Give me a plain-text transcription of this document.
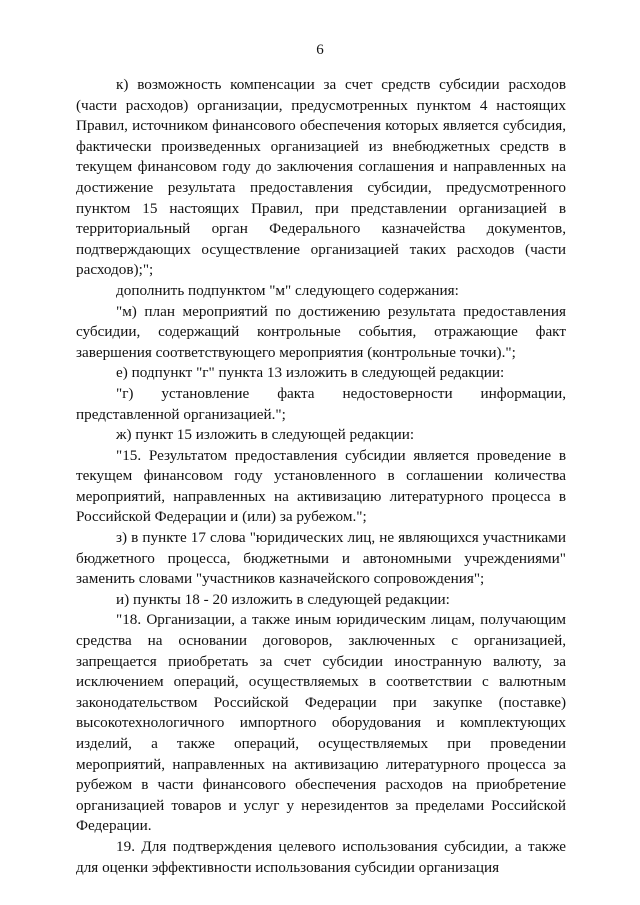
6

к) возможность компенсации за счет средств субсидии расходов (части расходов) организации, предусмотренных пунктом 4 настоящих Правил, источником финансового обеспечения которых является субсидия, фактически произведенных организацией из внебюджетных средств в текущем финансовом году до заключения соглашения и направленных на достижение результата предоставления субсидии, предусмотренного пунктом 15 настоящих Правил, при представлении организацией в территориальный орган Федерального казначейства документов, подтверждающих осуществление организацией таких расходов (части расходов);";

дополнить подпунктом "м" следующего содержания:

"м) план мероприятий по достижению результата предоставления субсидии, содержащий контрольные события, отражающие факт завершения соответствующего мероприятия (контрольные точки).";

е) подпункт "г" пункта 13 изложить в следующей редакции:

"г) установление факта недостоверности информации, представленной организацией.";

ж) пункт 15 изложить в следующей редакции:

"15. Результатом предоставления субсидии является проведение в текущем финансовом году установленного в соглашении количества мероприятий, направленных на активизацию литературного процесса в Российской Федерации и (или) за рубежом.";

з) в пункте 17 слова "юридических лиц, не являющихся участниками бюджетного процесса, бюджетными и автономными учреждениями" заменить словами "участников казначейского сопровождения";

и) пункты 18 - 20 изложить в следующей редакции:

"18. Организации, а также иным юридическим лицам, получающим средства на основании договоров, заключенных с организацией, запрещается приобретать за счет субсидии иностранную валюту, за исключением операций, осуществляемых в соответствии с валютным законодательством Российской Федерации при закупке (поставке) высокотехнологичного импортного оборудования и комплектующих изделий, а также операций, осуществляемых при проведении мероприятий, направленных на активизацию литературного процесса за рубежом в части финансового обеспечения расходов на приобретение организацией товаров и услуг у нерезидентов за пределами Российской Федерации.

19. Для подтверждения целевого использования субсидии, а также для оценки эффективности использования субсидии организация
